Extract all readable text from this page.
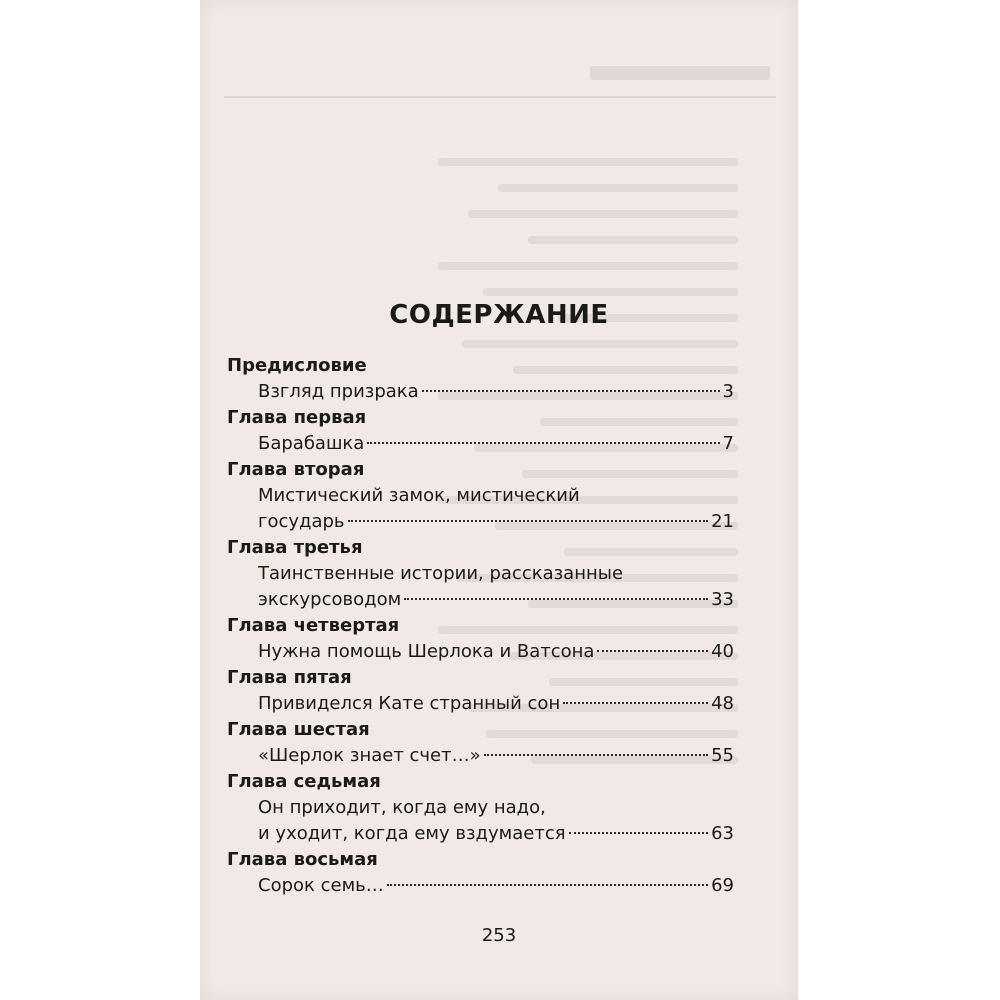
СОДЕРЖАНИЕ
Предисловие
Взгляд призрака	3
Глава первая
Барабашка	7
Глава вторая
Мистический замок, мистический
государь	21
Глава третья
Таинственные истории, рассказанные
экскурсоводом	33
Глава четвертая
Нужна помощь Шерлока и Ватсона	40
Глава пятая
Привиделся Кате странный сон	48
Глава шестая
«Шерлок знает счет…»	55
Глава седьмая
Он приходит, когда ему надо,
и уходит, когда ему вздумается	63
Глава восьмая
Сорок семь…	69
253
